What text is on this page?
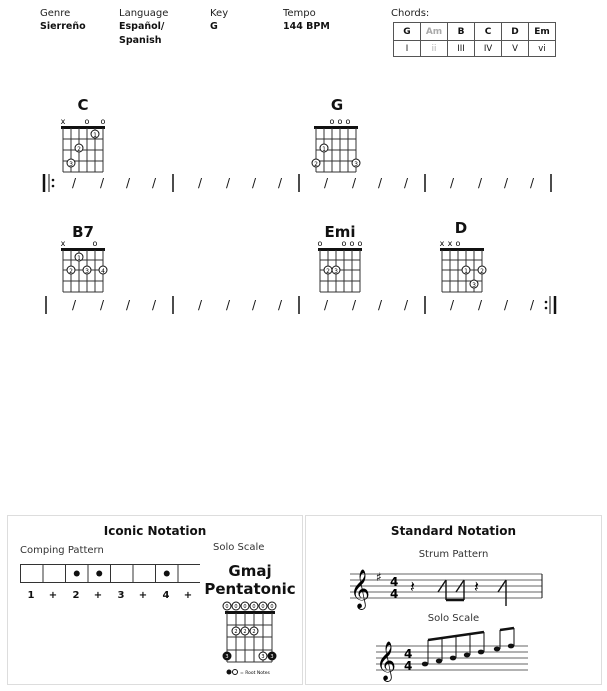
Genre
Sierreño
Language
Español/
Spanish
Key
G
Tempo
144 BPM
Chords:
G	Am	B	C	D	Em
I	ii	III	IV	V	vi
C
x o o
1
2
3
G
o o o
1
2	3
/ / / /	/ / / /	/ / / /	/ / / /
B7
x	o
1
2 3 4
Emi
o o o o
2 3
D
x x o
1 2
3
/ / / /	/ / / /	/ / / /	/ / / /
Iconic Notation
Comping Pattern	Solo Scale
1 + 2 + 3 + 4 +
Gmaj
Pentatonic
0 0 0 0 0 0
2 2 2
3	3 3
= Root Notes
Standard Notation
Strum Pattern
Solo Scale
𝄞 ♯ 4
4 𝄽	𝄽
𝄞 4
4
